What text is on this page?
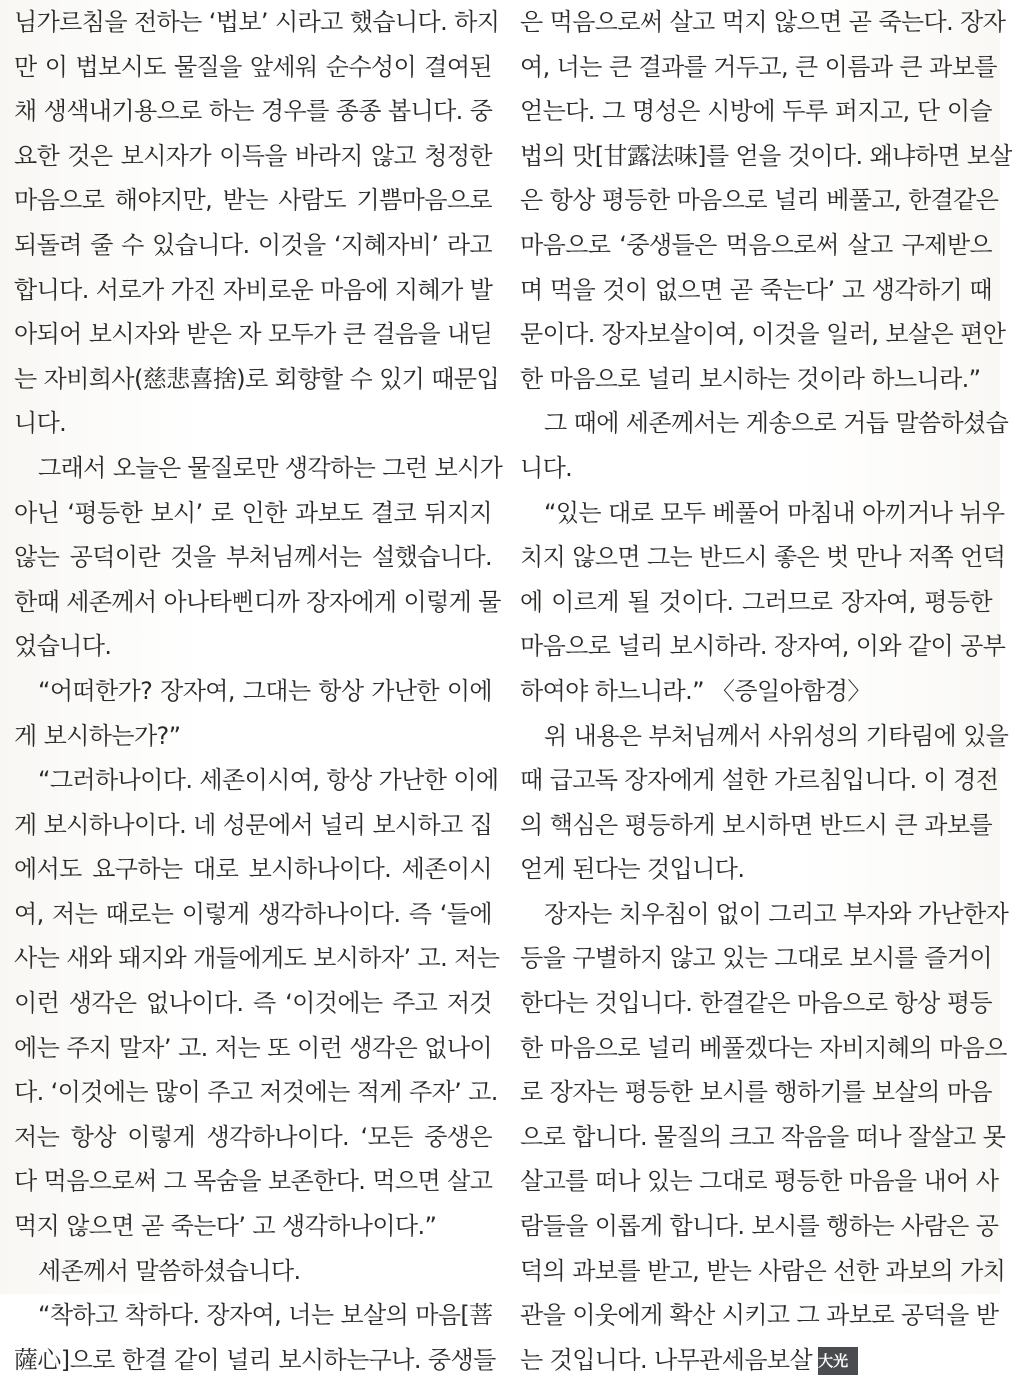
님가르침을 전하는 ‘법보’ 시라고 했습니다. 하지
만 이 법보시도 물질을 앞세워 순수성이 결여된
채 생색내기용으로 하는 경우를 종종 봅니다. 중
요한 것은 보시자가 이득을 바라지 않고 청정한
마음으로 해야지만, 받는 사람도 기쁨마음으로
되돌려 줄 수 있습니다. 이것을 ‘지혜자비’ 라고
합니다. 서로가 가진 자비로운 마음에 지혜가 발
아되어 보시자와 받은 자 모두가 큰 걸음을 내딛
는 자비희사(慈悲喜捨)로 회향할 수 있기 때문입
니다.
그래서 오늘은 물질로만 생각하는 그런 보시가
아닌 ‘평등한 보시’ 로 인한 과보도 결코 뒤지지
않는 공덕이란 것을 부처님께서는 설했습니다.
한때 세존께서 아나타삔디까 장자에게 이렇게 물
었습니다.
“어떠한가? 장자여, 그대는 항상 가난한 이에
게 보시하는가?”
“그러하나이다. 세존이시여, 항상 가난한 이에
게 보시하나이다. 네 성문에서 널리 보시하고 집
에서도 요구하는 대로 보시하나이다. 세존이시
여, 저는 때로는 이렇게 생각하나이다. 즉 ‘들에
사는 새와 돼지와 개들에게도 보시하자’ 고. 저는
이런 생각은 없나이다. 즉 ‘이것에는 주고 저것
에는 주지 말자’ 고. 저는 또 이런 생각은 없나이
다. ‘이것에는 많이 주고 저것에는 적게 주자’ 고.
저는 항상 이렇게 생각하나이다. ‘모든 중생은
다 먹음으로써 그 목숨을 보존한다. 먹으면 살고
먹지 않으면 곧 죽는다’ 고 생각하나이다.”
세존께서 말씀하셨습니다.
“착하고 착하다. 장자여, 너는 보살의 마음[菩
薩心]으로 한결 같이 널리 보시하는구나. 중생들
은 먹음으로써 살고 먹지 않으면 곧 죽는다. 장자
여, 너는 큰 결과를 거두고, 큰 이름과 큰 과보를
얻는다. 그 명성은 시방에 두루 퍼지고, 단 이슬
법의 맛[甘露法味]를 얻을 것이다. 왜냐하면 보살
은 항상 평등한 마음으로 널리 베풀고, 한결같은
마음으로 ‘중생들은 먹음으로써 살고 구제받으
며 먹을 것이 없으면 곧 죽는다’ 고 생각하기 때
문이다. 장자보살이여, 이것을 일러, 보살은 편안
한 마음으로 널리 보시하는 것이라 하느니라.”
그 때에 세존께서는 게송으로 거듭 말씀하셨습
니다.
“있는 대로 모두 베풀어 마침내 아끼거나 뉘우
치지 않으면 그는 반드시 좋은 벗 만나 저쪽 언덕
에 이르게 될 것이다. 그러므로 장자여, 평등한
마음으로 널리 보시하라. 장자여, 이와 같이 공부
하여야 하느니라.” 〈증일아함경〉
위 내용은 부처님께서 사위성의 기타림에 있을
때 급고독 장자에게 설한 가르침입니다. 이 경전
의 핵심은 평등하게 보시하면 반드시 큰 과보를
얻게 된다는 것입니다.
장자는 치우침이 없이 그리고 부자와 가난한자
등을 구별하지 않고 있는 그대로 보시를 즐거이
한다는 것입니다. 한결같은 마음으로 항상 평등
한 마음으로 널리 베풀겠다는 자비지혜의 마음으
로 장자는 평등한 보시를 행하기를 보살의 마음
으로 합니다. 물질의 크고 작음을 떠나 잘살고 못
살고를 떠나 있는 그대로 평등한 마음을 내어 사
람들을 이롭게 합니다. 보시를 행하는 사람은 공
덕의 과보를 받고, 받는 사람은 선한 과보의 가치
관을 이웃에게 확산 시키고 그 과보로 공덕을 받
는 것입니다. 나무관세음보살 大光
